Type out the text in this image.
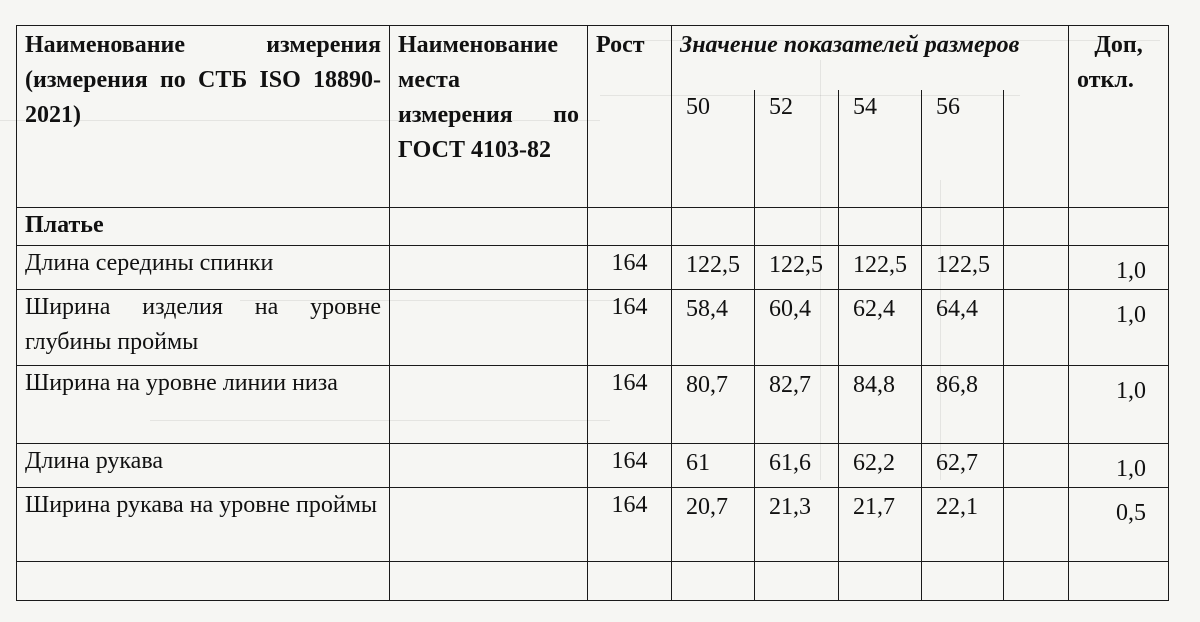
Наименование измерения (измерения по СТБ ISO 18890-2021)	Наименование места измерения по ГОСТ 4103-82	Рост	Значение показателей размеров					Доп, откл.
			50	52	54	56		
Платье								
Длина середины спинки		164	122,5	122,5	122,5	122,5		1,0
Ширина изделия на уровне глубины проймы		164	58,4	60,4	62,4	64,4		1,0
Ширина на уровне линии низа		164	80,7	82,7	84,8	86,8		1,0
Длина рукава		164	61	61,6	62,2	62,7		1,0
Ширина рукава на уровне проймы		164	20,7	21,3	21,7	22,1		0,5
